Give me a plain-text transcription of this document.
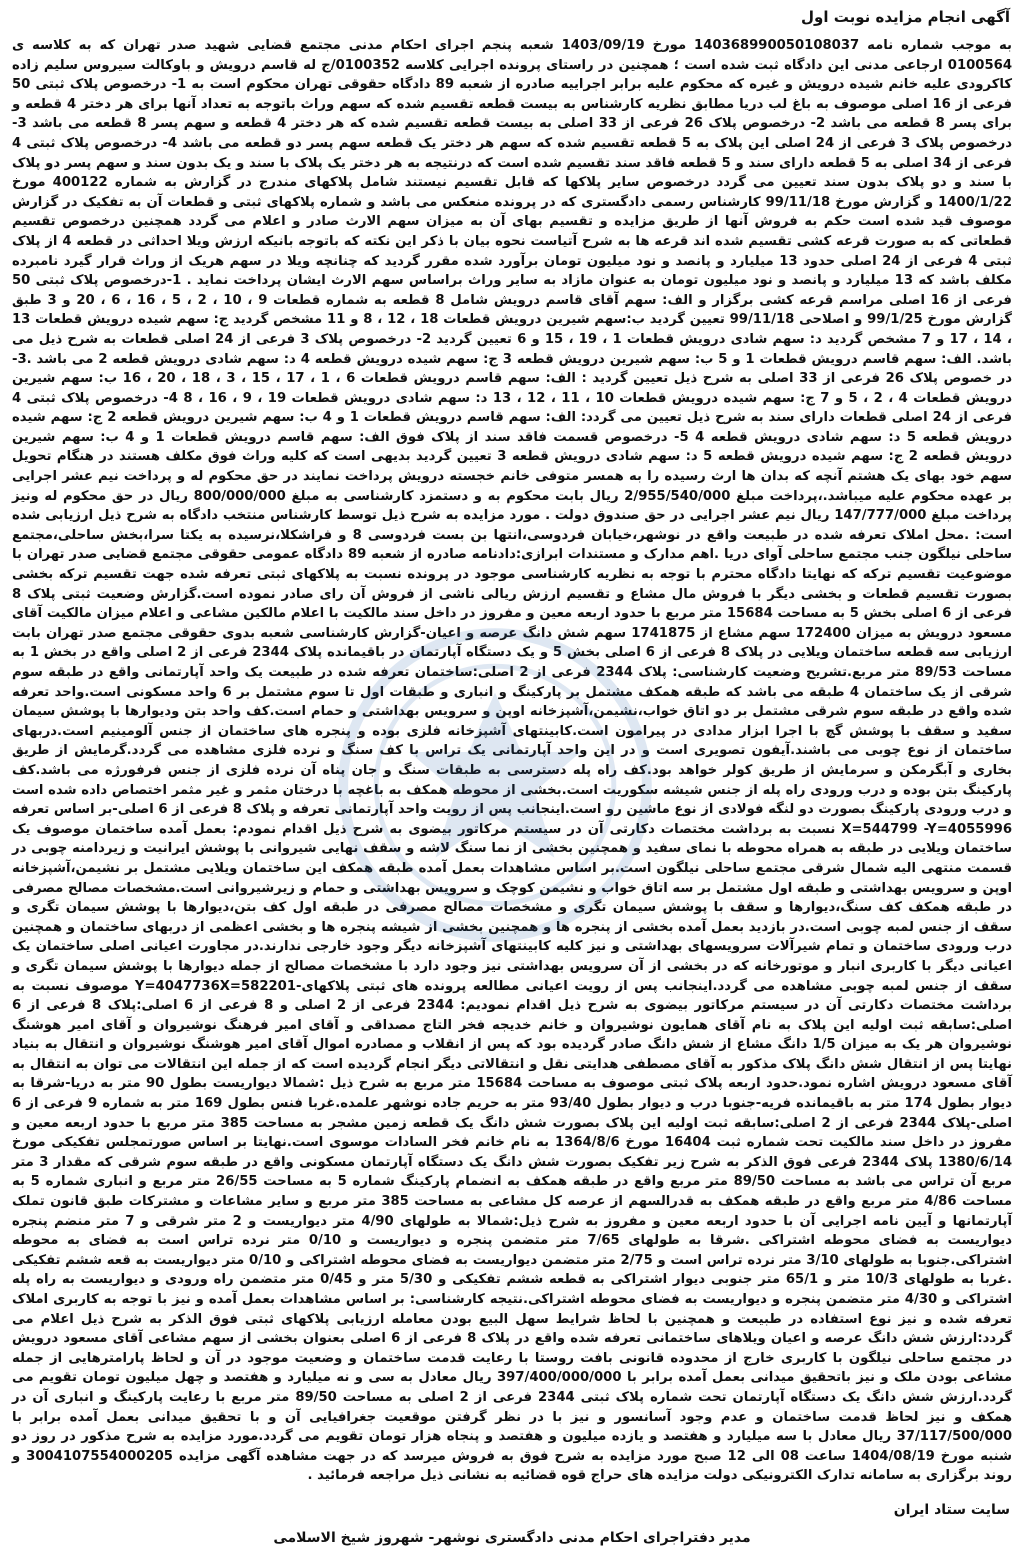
آگهی انجام مزایده نوبت اول

به موجب شماره نامه 140368990050108037 مورخ 1403/09/19 شعبه پنجم اجرای احکام مدنی مجتمع قضایی شهید صدر تهران که به کلاسه ی 0100564 ارجاعی مدنی این دادگاه ثبت شده است ؛ همچنین در راستای پرونده اجرایی کلاسه 0100352/ج له قاسم درویش و باوکالت سیروس سلیم زاده کاکرودی علیه خانم شیده درویش و غیره که محکوم علیه برابر اجراییه صادره از شعبه 89 دادگاه حقوقی تهران محکوم است به 1- درخصوص پلاک ثبتی 50 فرعی از 16 اصلی موصوف به باغ لب دریا مطابق نظریه کارشناس به بیست قطعه تقسیم شده که سهم وراث باتوجه به تعداد آنها برای هر دختر 4 قطعه و برای پسر 8 قطعه می باشد 2- درخصوص پلاک 26 فرعی از 33 اصلی به بیست قطعه تقسیم شده که هر دختر 4 قطعه و سهم پسر 8 قطعه می باشد 3- درخصوص پلاک 3 فرعی از 24 اصلی این پلاک به 5 قطعه تقسیم شده که سهم هر دختر یک قطعه سهم پسر دو قطعه می باشد 4- درخصوص پلاک ثبتی 4 فرعی از 34 اصلی به 5 قطعه دارای سند و 5 قطعه فاقد سند تقسیم شده است که درنتیجه به هر دختر یک پلاک با سند و یک بدون سند و سهم پسر دو پلاک با سند و دو پلاک بدون سند تعیین می گردد درخصوص سایر پلاکها که قابل تقسیم نیستند شامل پلاکهای مندرج در گزارش به شماره 400122 مورخ 1400/1/22 و گزارش مورخ 99/11/18 کارشناس رسمی دادگستری که در پرونده منعکس می باشد و شماره پلاکهای ثبتی و قطعات آن به تفکیک در گزارش موصوف قید شده است حکم به فروش آنها از طریق مزایده و تقسیم بهای آن به میزان سهم الارث صادر و اعلام می گردد همچنین درخصوص تقسیم قطعاتی که به صورت قرعه کشی تقسیم شده اند قرعه ها به شرح آتیاست نحوه بیان با ذکر این نکته که باتوجه بانیکه ارزش ویلا احداثی در قطعه 4 از پلاک ثبتی 4 فرعی از 24 اصلی حدود 13 میلیارد و پانصد و نود میلیون تومان برآورد شده مقرر گردید که چنانچه ویلا در سهم هریک از وراث قرار گیرد نامبرده مکلف باشد که 13 میلیارد و پانصد و نود میلیون تومان به عنوان مازاد به سایر وراث براساس سهم الارث ایشان پرداخت نماید . 1-درخصوص پلاک ثبتی 50 فرعی از 16 اصلی مراسم قرعه کشی برگزار و الف: سهم آقای قاسم درویش شامل 8 قطعه به شماره قطعات 9 ، 10 ، 2 ، 5 ، 16 ، 6 ، 20 و 3 طبق گزارش مورخ 99/1/25 و اصلاحی 99/11/18 تعیین گردید ب:سهم شیرین درویش قطعات 18 ، 12 ، 8 و 11 مشخص گردید ج: سهم شیده درویش قطعات 13 ، 14 ، 17 و 7 مشخص گردید د: سهم شادی درویش قطعات 1 ، 19 ، 15 و 6 تعیین گردید 2- درخصوص پلاک 3 فرعی از 24 اصلی قطعات به شرح ذیل می باشد. الف: سهم قاسم درویش قطعات 1 و 5 ب: سهم شیرین درویش قطعه 3 ج: سهم شیده درویش قطعه 4 د: سهم شادی درویش قطعه 2 می باشد .3- در خصوص پلاک 26 فرعی از 33 اصلی به شرح ذیل تعیین گردید : الف: سهم قاسم درویش قطعات 6 ، 1 ، 17 ، 15 ، 3 ، 18 ، 20 ، 16 ب: سهم شیرین درویش قطعات 4 ، 2 ، 5 و 7 ج: سهم شیده درویش قطعات 10 ، 11 ، 12 ، 13 د: سهم شادی درویش قطعات 19 ، 9 ، 16 ، 8 4- درخصوص پلاک ثبتی 4 فرعی از 24 اصلی قطعات دارای سند به شرح ذیل تعیین می گردد: الف: سهم قاسم درویش قطعات 1 و 4 ب: سهم شیرین درویش قطعه 2 ج: سهم شیده درویش قطعه 5 د: سهم شادی درویش قطعه 4 5- درخصوص قسمت فاقد سند از پلاک فوق الف: سهم قاسم درویش قطعات 1 و 4 ب: سهم شیرین درویش قطعه 2 ج: سهم شیده درویش قطعه 5 د: سهم شادی درویش قطعه 3 تعیین گردید بدیهی است که کلیه وراث فوق مکلف هستند در هنگام تحویل سهم خود بهای یک هشتم آنچه که بدان ها ارث رسیده را به همسر متوفی خانم خجسته درویش پرداخت نمایند در حق محکوم له و پرداخت نیم عشر اجرایی بر عهده محکوم علیه میباشد.،پرداخت مبلغ 2/955/540/000 ریال بابت محکوم به و دستمزد کارشناسی به مبلغ 800/000/000 ریال در حق محکوم له ونیز پرداخت مبلغ 147/777/000 ریال نیم عشر اجرایی در حق صندوق دولت . مورد مزایده به شرح ذیل توسط کارشناس منتخب دادگاه به شرح ذیل ارزیابی شده است: .محل املاک تعرفه شده در طبیعت واقع در نوشهر،خیابان فردوسی،انتها بن بست فردوسی 8 و فراشکلا،نرسیده به یکتا سرا،بخش ساحلی،مجتمع ساحلی نیلگون جنب مجتمع ساحلی آوای دریا .اهم مدارک و مستندات ابرازی:دادنامه صادره از شعبه 89 دادگاه عمومی حقوقی مجتمع قضایی صدر تهران با موضوعیت تقسیم ترکه که نهایتا دادگاه محترم با توجه به نظریه کارشناسی موجود در پرونده نسبت به پلاکهای ثبتی تعرفه شده جهت تقسیم ترکه بخشی بصورت تقسیم قطعات و بخشی دیگر با فروش مال مشاع و تقسیم ارزش ریالی ناشی از فروش آن رای صادر نموده است.گزارش وضعیت ثبتی پلاک 8 فرعی از 6 اصلی بخش 5 به مساحت 15684 متر مربع با حدود اربعه معین و مفروز در داخل سند مالکیت با اعلام مالکین مشاعی و اعلام میزان مالکیت آقای مسعود درویش به میزان 172400 سهم مشاع از 1741875 سهم شش دانگ عرصه و اعیان-گزارش کارشناسی شعبه بدوی حقوقی مجتمع صدر تهران بابت ارزیابی سه قطعه ساختمان ویلایی در پلاک 8 فرعی از 6 اصلی بخش 5 و یک دستگاه آپارتمان در باقیمانده پلاک 2344 فرعی از 2 اصلی واقع در بخش 1 به مساحت 89/53 متر مربع.تشریح وضعیت کارشناسی: پلاک 2344 فرعی از 2 اصلی:ساختمان تعرفه شده در طبیعت یک واحد آپارتمانی واقع در طبقه سوم شرقی از یک ساختمان 4 طبقه می باشد که طبقه همکف مشتمل بر پارکینگ و انباری و طبقات اول تا سوم مشتمل بر 6 واحد مسکونی است.واحد تعرفه شده واقع در طبقه سوم شرقی مشتمل بر دو اتاق خواب،نشیمن،آشپزخانه اوپن و سرویس بهداشتی و حمام است.کف واحد بتن ودیوارها با پوشش سیمان سفید و سقف با پوشش گچ با اجرا ابزار مدادی در پیرامون است.کابینتهای آشپزخانه فلزی بوده و پنجره های ساختمان از جنس آلومینیم است.دربهای ساختمان از نوع چوبی می باشند.آیفون تصویری است و در این واحد آپارتمانی یک تراس با کف سنگ و نرده فلزی مشاهده می گردد.گرمایش از طریق بخاری و آبگرمکن و سرمایش از طریق کولر خواهد بود.کف راه پله دسترسی به طبقات سنگ و جان پناه آن نرده فلزی از جنس فرفورژه می باشد.کف پارکینگ بتن بوده و درب ورودی راه پله از جنس شیشه سکوریت است.بخشی از محوطه همکف به باغچه با درختان مثمر و غیر مثمر اختصاص داده شده است و درب ورودی پارکینگ بصورت دو لنگه فولادی از نوع ماشین رو است.اینجانب پس از رویت واحد آپارتمانی تعرفه و پلاک 8 فرعی از 6 اصلی-بر اساس تعرفه X=544799 -Y=4055996 نسبت به برداشت مختصات دکارتی آن در سیستم مرکاتور بیضوی به شرح ذیل اقدام نمودم: بعمل آمده ساختمان موصوف یک ساختمان ویلایی در طبقه به همراه محوطه با نمای سفید و همچنین بخشی از نما سنگ لاشه و سقف نهایی شیروانی با پوشش ایرانیت و زیردامنه چوبی در قسمت منتهی الیه شمال شرقی مجتمع ساحلی نیلگون است.بر اساس مشاهدات بعمل آمده طبقه همکف این ساختمان ویلایی مشتمل بر نشیمن،آشپزخانه اوپن و سرویس بهداشتی و طبقه اول مشتمل بر سه اتاق خواب و نشیمن کوچک و سرویس بهداشتی و حمام و زیرشیروانی است.مشخصات مصالح مصرفی در طبقه همکف کف سنگ،دیوارها و سقف با پوشش سیمان تگری و مشخصات مصالح مصرفی در طبقه اول کف بتن،دیوارها با پوشش سیمان تگری و سقف از جنس لمبه چوبی است.در بازدید بعمل آمده بخشی از پنجره ها و همچنین بخشی از شیشه پنجره ها و بخشی اعظمی از دربهای ساختمان و همچنین درب ورودی ساختمان و تمام شیرآلات سرویسهای بهداشتی و نیز کلیه کابینتهای آشپزخانه دیگر وجود خارجی ندارند.در مجاورت اعیانی اصلی ساختمان یک اعیانی دیگر با کاربری انبار و موتورخانه که در بخشی از آن سرویس بهداشتی نیز وجود دارد با مشخصات مصالح از جمله دیوارها با پوشش سیمان تگری و سقف از جنس لمبه چوبی مشاهده می گردد.اینجانب پس از رویت اعیانی مطالعه پرونده های ثبتی پلاکهای-Y=4047736X=582201 موصوف نسبت به برداشت مختصات دکارتی آن در سیستم مرکاتور بیضوی به شرح ذیل اقدام نمودیم: 2344 فرعی از 2 اصلی و 8 فرعی از 6 اصلی:پلاک 8 فرعی از 6 اصلی:سابقه ثبت اولیه این پلاک به نام آقای همایون نوشیروان و خانم خدیجه فخر التاج مصداقی و آقای امیر فرهنگ نوشیروان و آقای امیر هوشنگ نوشیروان هر یک به میزان 1/5 دانگ مشاع از شش دانگ صادر گردیده بود که پس از انقلاب و مصادره اموال آقای امیر هوشنگ نوشیروان و انتقال به بنیاد نهایتا پس از انتقال شش دانگ پلاک مذکور به آقای مصطفی هدایتی نقل و انتقالاتی دیگر انجام گردیده است که از جمله این انتقالات می توان به انتقال به آقای مسعود درویش اشاره نمود.حدود اربعه پلاک ثبتی موصوف به مساحت 15684 متر مربع به شرح ذیل :شمالا دیواریست بطول 90 متر به دریا-شرقا به دیوار بطول 174 متر به باقیمانده فریه-جنوبا درب و دیوار بطول 93/40 متر به حریم جاده نوشهر علمده.غربا فنس بطول 169 متر به شماره 9 فرعی از 6 اصلی-پلاک 2344 فرعی از 2 اصلی:سابقه ثبت اولیه این پلاک بصورت شش دانگ یک قطعه زمین مشجر به مساحت 385 متر مربع با حدود اربعه معین و مفروز در داخل سند مالکیت تحت شماره ثبت 16404 مورخ 1364/8/6 به نام خانم فخر السادات موسوی است.نهایتا بر اساس صورتمجلس تفکیکی مورخ 1380/6/14 پلاک 2344 فرعی فوق الذکر به شرح زیر تفکیک بصورت شش دانگ یک دستگاه آپارتمان مسکونی واقع در طبقه سوم شرقی که مقدار 3 متر مربع آن تراس می باشد به مساحت 89/50 متر مربع واقع در طبقه همکف به انضمام پارکینگ شماره 5 به مساحت 26/55 متر مربع و انباری شماره 5 به مساحت 4/86 متر مربع واقع در طبقه همکف به قدرالسهم از عرصه کل مشاعی به مساحت 385 متر مربع و سایر مشاعات و مشترکات طبق قانون تملک آپارتمانها و آیین نامه اجرایی آن با حدود اربعه معین و مفروز به شرح ذیل:شمالا به طولهای 4/90 متر دیواریست و 2 متر شرقی و 7 متر منضم پنجره دیواریست به فضای محوطه اشتراکی .شرقا به طولهای 7/65 متر متضمن پنجره و دیواریست و 0/10 متر نرده تراس است به فضای به محوطه اشتراکی.جنوبا به طولهای 3/10 متر نرده تراس است و 2/75 متر متضمن دیواریست به فضای محوطه اشتراکی و 0/10 متر دیواریست به قعه ششم تفکیکی .غربا به طولهای 10/3 متر و 65/1 متر جنوبی دیوار اشتراکی به قطعه ششم تفکیکی و 5/30 متر و 0/45 متر متضمن راه ورودی و دیواریست به راه پله اشتراکی و 4/30 متر متضمن پنجره و دیواریست به فضای محوطه اشتراکی.نتیجه کارشناسی: بر اساس مشاهدات بعمل آمده و نیز با توجه به کاربری املاک تعرفه شده و نیز نوع استفاده در طبیعت و همچنین با لحاظ شرایط سهل البیع بودن معامله ارزیابی پلاکهای ثبتی فوق الذکر به شرح ذیل اعلام می گردد:ارزش شش دانگ عرصه و اعیان ویلاهای ساختمانی تعرفه شده واقع در پلاک 8 فرعی از 6 اصلی بعنوان بخشی از سهم مشاعی آقای مسعود درویش در مجتمع ساحلی نیلگون با کاربری خارج از محدوده قانونی بافت روستا با رعایت قدمت ساختمان و وضعیت موجود در آن و لحاظ پارامترهایی از جمله مشاعی بودن ملک و نیز باتحقیق میدانی بعمل آمده برابر با 397/400/000/000 ریال معادل به سی و نه میلیارد و هفتصد و چهل میلیون تومان تقویم می گردد.ارزش شش دانگ یک دستگاه آپارتمان تحت شماره پلاک ثبتی 2344 فرعی از 2 اصلی به مساحت 89/50 متر مربع با رعایت پارکینگ و انباری آن در همکف و نیز لحاظ قدمت ساختمان و عدم وجود آسانسور و نیز با در نظر گرفتن موقعیت جغرافیایی آن و با تحقیق میدانی بعمل آمده برابر با 37/117/500/000 ریال معادل با سه میلیارد و هفتصد و یازده میلیون و هفتصد و پنجاه هزار تومان تقویم می گردد.مورد مزایده به شرح مذکور در روز دو شنبه مورخ 1404/08/19 ساعت 08 الی 12 صبح مورد مزایده به شرح فوق به فروش میرسد که در جهت مشاهده آگهی مزایده 3004107554000205 و روند برگزاری به سامانه تدارک الکترونیکی دولت مزایده های حراج قوه قضائیه به نشانی ذیل مراجعه فرمائید .

سایت ستاد ایران
مدیر دفتراجرای احکام مدنی دادگستری نوشهر- شهروز شیخ الاسلامی
